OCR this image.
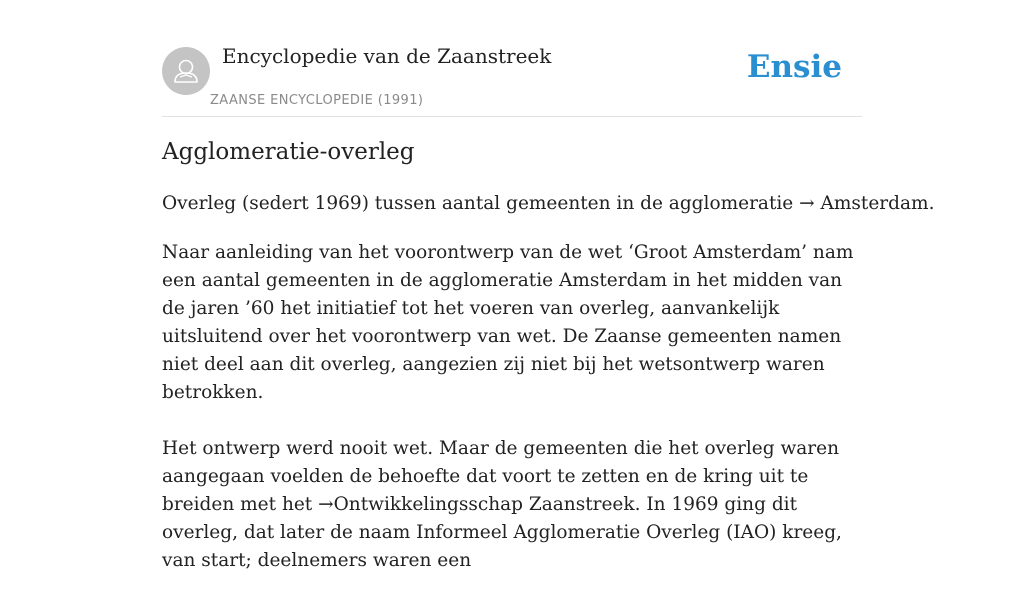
Encyclopedie van de Zaanstreek
ZAANSE ENCYCLOPEDIE (1991)
Ensie
Agglomeratie-overleg
Overleg (sedert 1969) tussen aantal gemeenten in de agglomeratie → Amsterdam.

Naar aanleiding van het voorontwerp van de wet ‘Groot Amsterdam’ nam een aantal gemeenten in de agglomeratie Amsterdam in het midden van de jaren ’60 het initiatief tot het voeren van overleg, aanvankelijk uitsluitend over het voorontwerp van wet. De Zaanse gemeenten namen niet deel aan dit overleg, aangezien zij niet bij het wetsontwerp waren betrokken.

Het ontwerp werd nooit wet. Maar de gemeenten die het overleg waren aangegaan voelden de behoefte dat voort te zetten en de kring uit te breiden met het →Ontwikkelingsschap Zaanstreek. In 1969 ging dit overleg, dat later de naam Informeel Agglomeratie Overleg (IAO) kreeg, van start; deelnemers waren een
